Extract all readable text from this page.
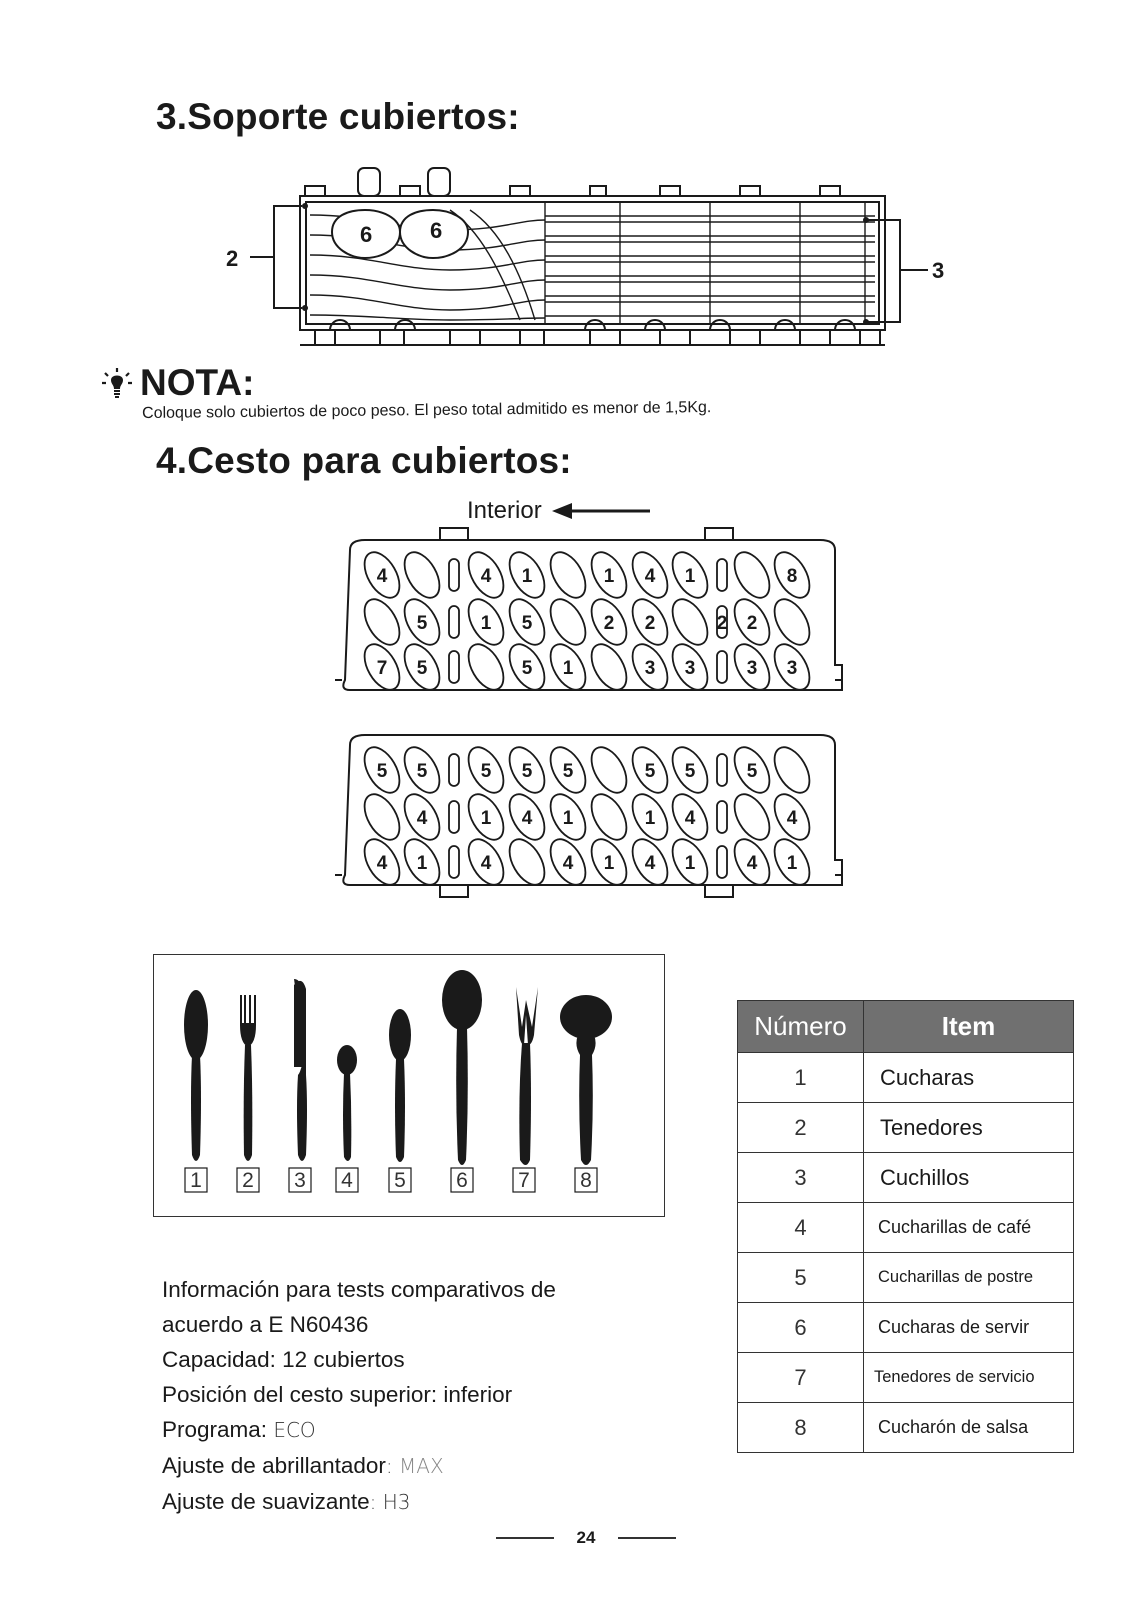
3.Soporte cubiertos:
6	6
2	3
NOTA:
Coloque solo cubiertos de poco peso. El peso total admitido es menor de 1,5Kg.
4.Cesto para cubiertos:
Interior
4	4 1	1 4 1	8
5	1 5	2 2	2 2
7 5	5 1	3 3	3 3
5 5	5 5 5	5 5	5
4	1 4 1	1 4	4
4 1	4	4 1 4 1	4 1
1 2 3 4 5 6 7 8
Número	Item
1	Cucharas
2	Tenedores
3	Cuchillos
4	Cucharillas de café
5	Cucharillas de postre
6	Cucharas de servir
7	Tenedores de servicio
8	Cucharón de salsa
Información para tests comparativos de
acuerdo a E N60436
Capacidad: 12 cubiertos
Posición del cesto superior: inferior
Programa: ECO
Ajuste de abrillantador: MAX
Ajuste de suavizante: H3
24
